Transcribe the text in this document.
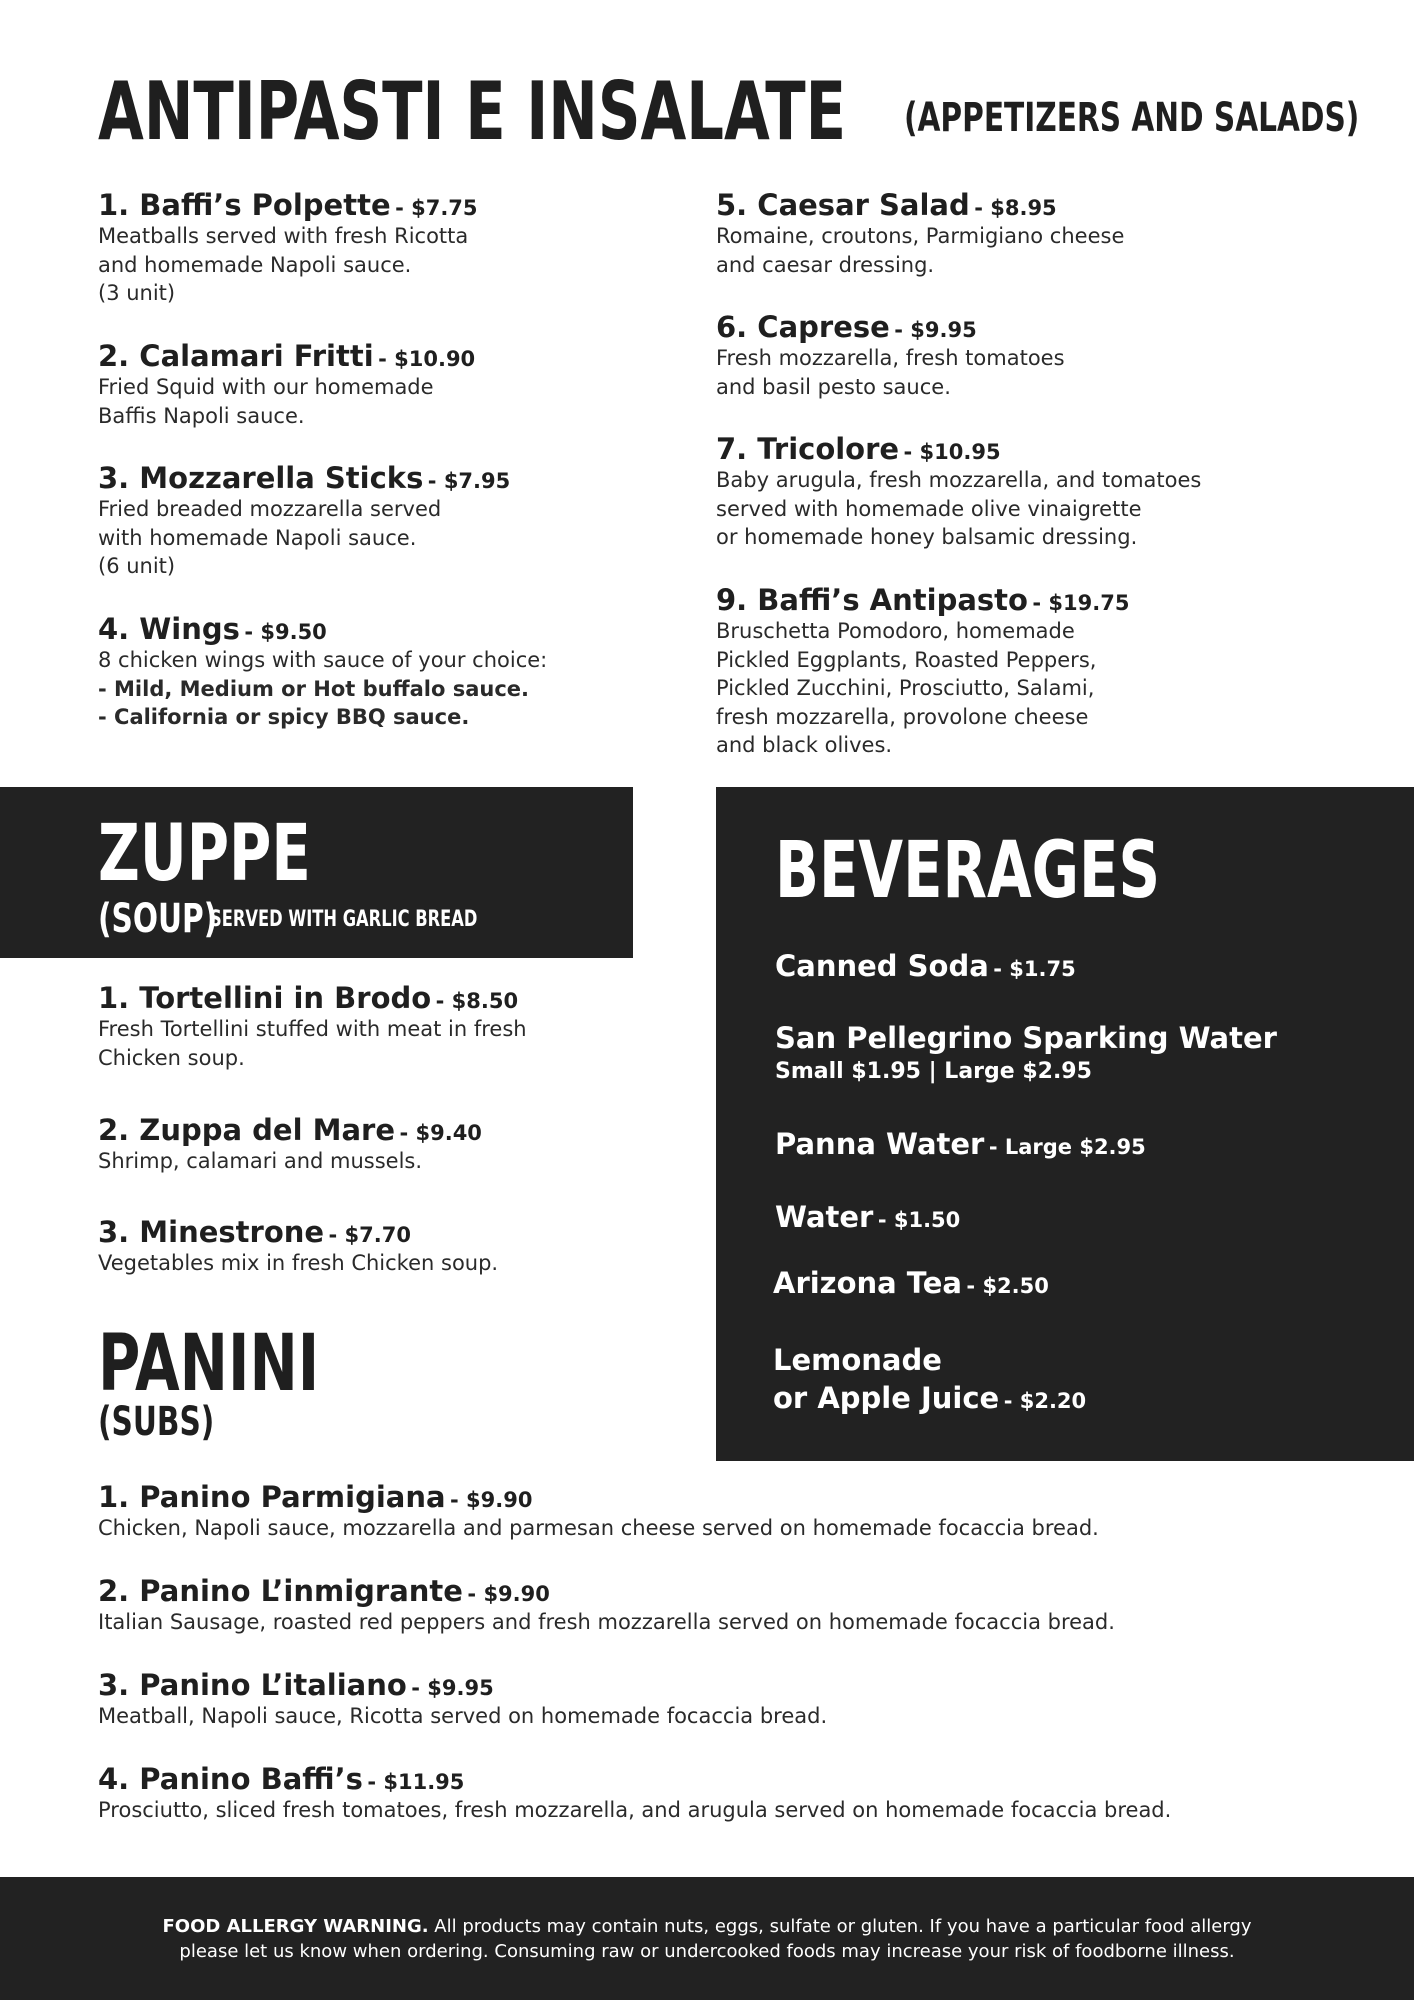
ANTIPASTI E INSALATE (APPETIZERS AND SALADS)
1. Baffi’s Polpette - $7.75
Meatballs served with fresh Ricotta
and homemade Napoli sauce.
(3 unit)
2. Calamari Fritti - $10.90
Fried Squid with our homemade
Baffis Napoli sauce.
3. Mozzarella Sticks - $7.95
Fried breaded mozzarella served
with homemade Napoli sauce.
(6 unit)
4. Wings - $9.50
8 chicken wings with sauce of your choice:
- Mild, Medium or Hot buffalo sauce.
- California or spicy BBQ sauce.
5. Caesar Salad - $8.95
Romaine, croutons, Parmigiano cheese
and caesar dressing.
6. Caprese - $9.95
Fresh mozzarella, fresh tomatoes
and basil pesto sauce.
7. Tricolore - $10.95
Baby arugula, fresh mozzarella, and tomatoes
served with homemade olive vinaigrette
or homemade honey balsamic dressing.
9. Baffi’s Antipasto - $19.75
Bruschetta Pomodoro, homemade
Pickled Eggplants, Roasted Peppers,
Pickled Zucchini, Prosciutto, Salami,
fresh mozzarella, provolone cheese
and black olives.
ZUPPE
(SOUP)
SERVED WITH GARLIC BREAD
1. Tortellini in Brodo - $8.50
Fresh Tortellini stuffed with meat in fresh
Chicken soup.
2. Zuppa del Mare - $9.40
Shrimp, calamari and mussels.
3. Minestrone - $7.70
Vegetables mix in fresh Chicken soup.
BEVERAGES
Canned Soda - $1.75
San Pellegrino Sparking Water
Small $1.95 | Large $2.95
Panna Water - Large $2.95
Water - $1.50
Arizona Tea - $2.50
Lemonade
or Apple Juice - $2.20
PANINI
(SUBS)
1. Panino Parmigiana - $9.90
Chicken, Napoli sauce, mozzarella and parmesan cheese served on homemade focaccia bread.
2. Panino L’inmigrante - $9.90
Italian Sausage, roasted red peppers and fresh mozzarella served on homemade focaccia bread.
3. Panino L’italiano - $9.95
Meatball, Napoli sauce, Ricotta served on homemade focaccia bread.
4. Panino Baffi’s - $11.95
Prosciutto, sliced fresh tomatoes, fresh mozzarella, and arugula served on homemade focaccia bread.
FOOD ALLERGY WARNING. All products may contain nuts, eggs, sulfate or gluten. If you have a particular food allergy
please let us know when ordering. Consuming raw or undercooked foods may increase your risk of foodborne illness.
